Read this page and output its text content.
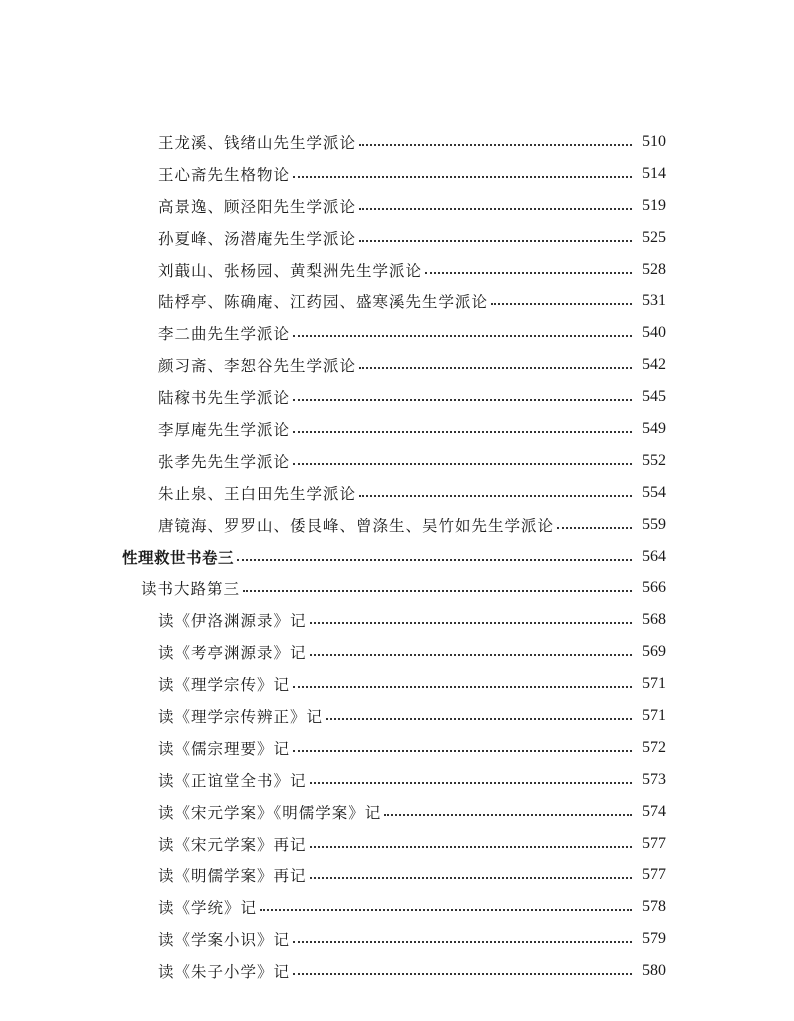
王龙溪、钱绪山先生学派论	510
王心斋先生格物论	514
高景逸、顾泾阳先生学派论	519
孙夏峰、汤潜庵先生学派论	525
刘蕺山、张杨园、黄梨洲先生学派论	528
陆桴亭、陈确庵、江药园、盛寒溪先生学派论	531
李二曲先生学派论	540
颜习斋、李恕谷先生学派论	542
陆稼书先生学派论	545
李厚庵先生学派论	549
张孝先先生学派论	552
朱止泉、王白田先生学派论	554
唐镜海、罗罗山、倭艮峰、曾涤生、吴竹如先生学派论	559
性理救世书卷三	564
读书大路第三	566
读《伊洛渊源录》记	568
读《考亭渊源录》记	569
读《理学宗传》记	571
读《理学宗传辨正》记	571
读《儒宗理要》记	572
读《正谊堂全书》记	573
读《宋元学案》《明儒学案》记	574
读《宋元学案》再记	577
读《明儒学案》再记	577
读《学统》记	578
读《学案小识》记	579
读《朱子小学》记	580
